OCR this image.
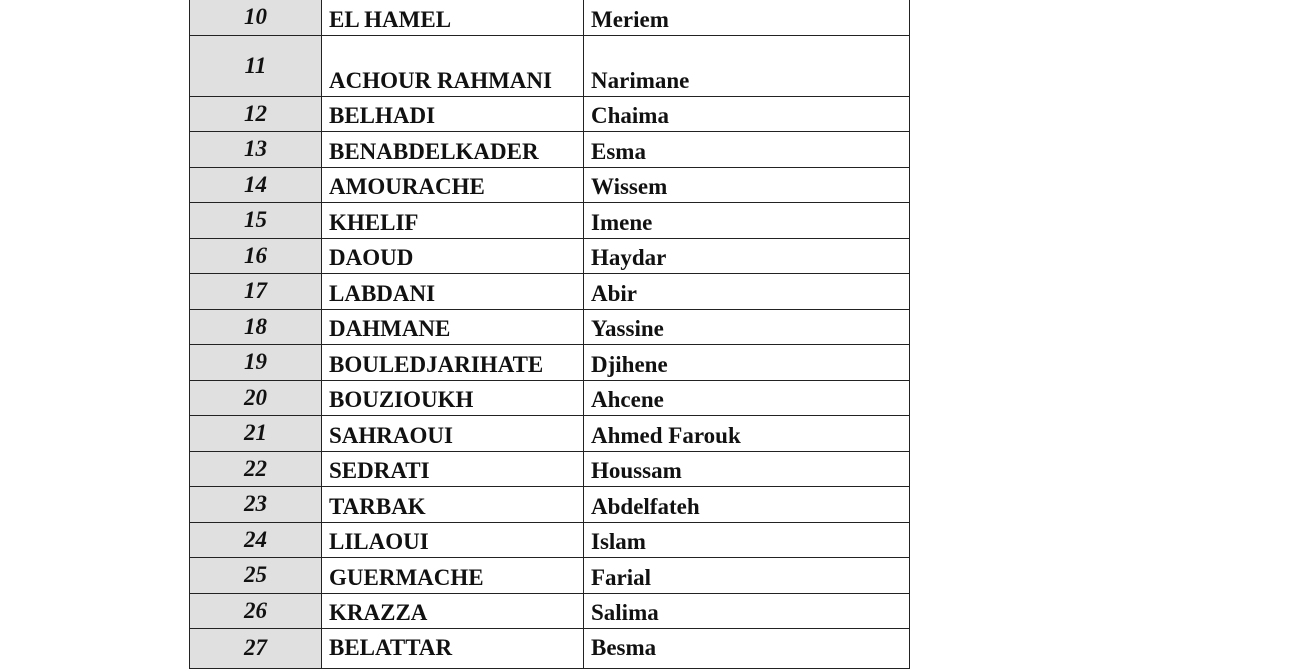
10	EL HAMEL	Meriem
11	ACHOUR RAHMANI	Narimane
12	BELHADI	Chaima
13	BENABDELKADER	Esma
14	AMOURACHE	Wissem
15	KHELIF	Imene
16	DAOUD	Haydar
17	LABDANI	Abir
18	DAHMANE	Yassine
19	BOULEDJARIHATE	Djihene
20	BOUZIOUKH	Ahcene
21	SAHRAOUI	Ahmed Farouk
22	SEDRATI	Houssam
23	TARBAK	Abdelfateh
24	LILAOUI	Islam
25	GUERMACHE	Farial
26	KRAZZA	Salima
27	BELATTAR	Besma
